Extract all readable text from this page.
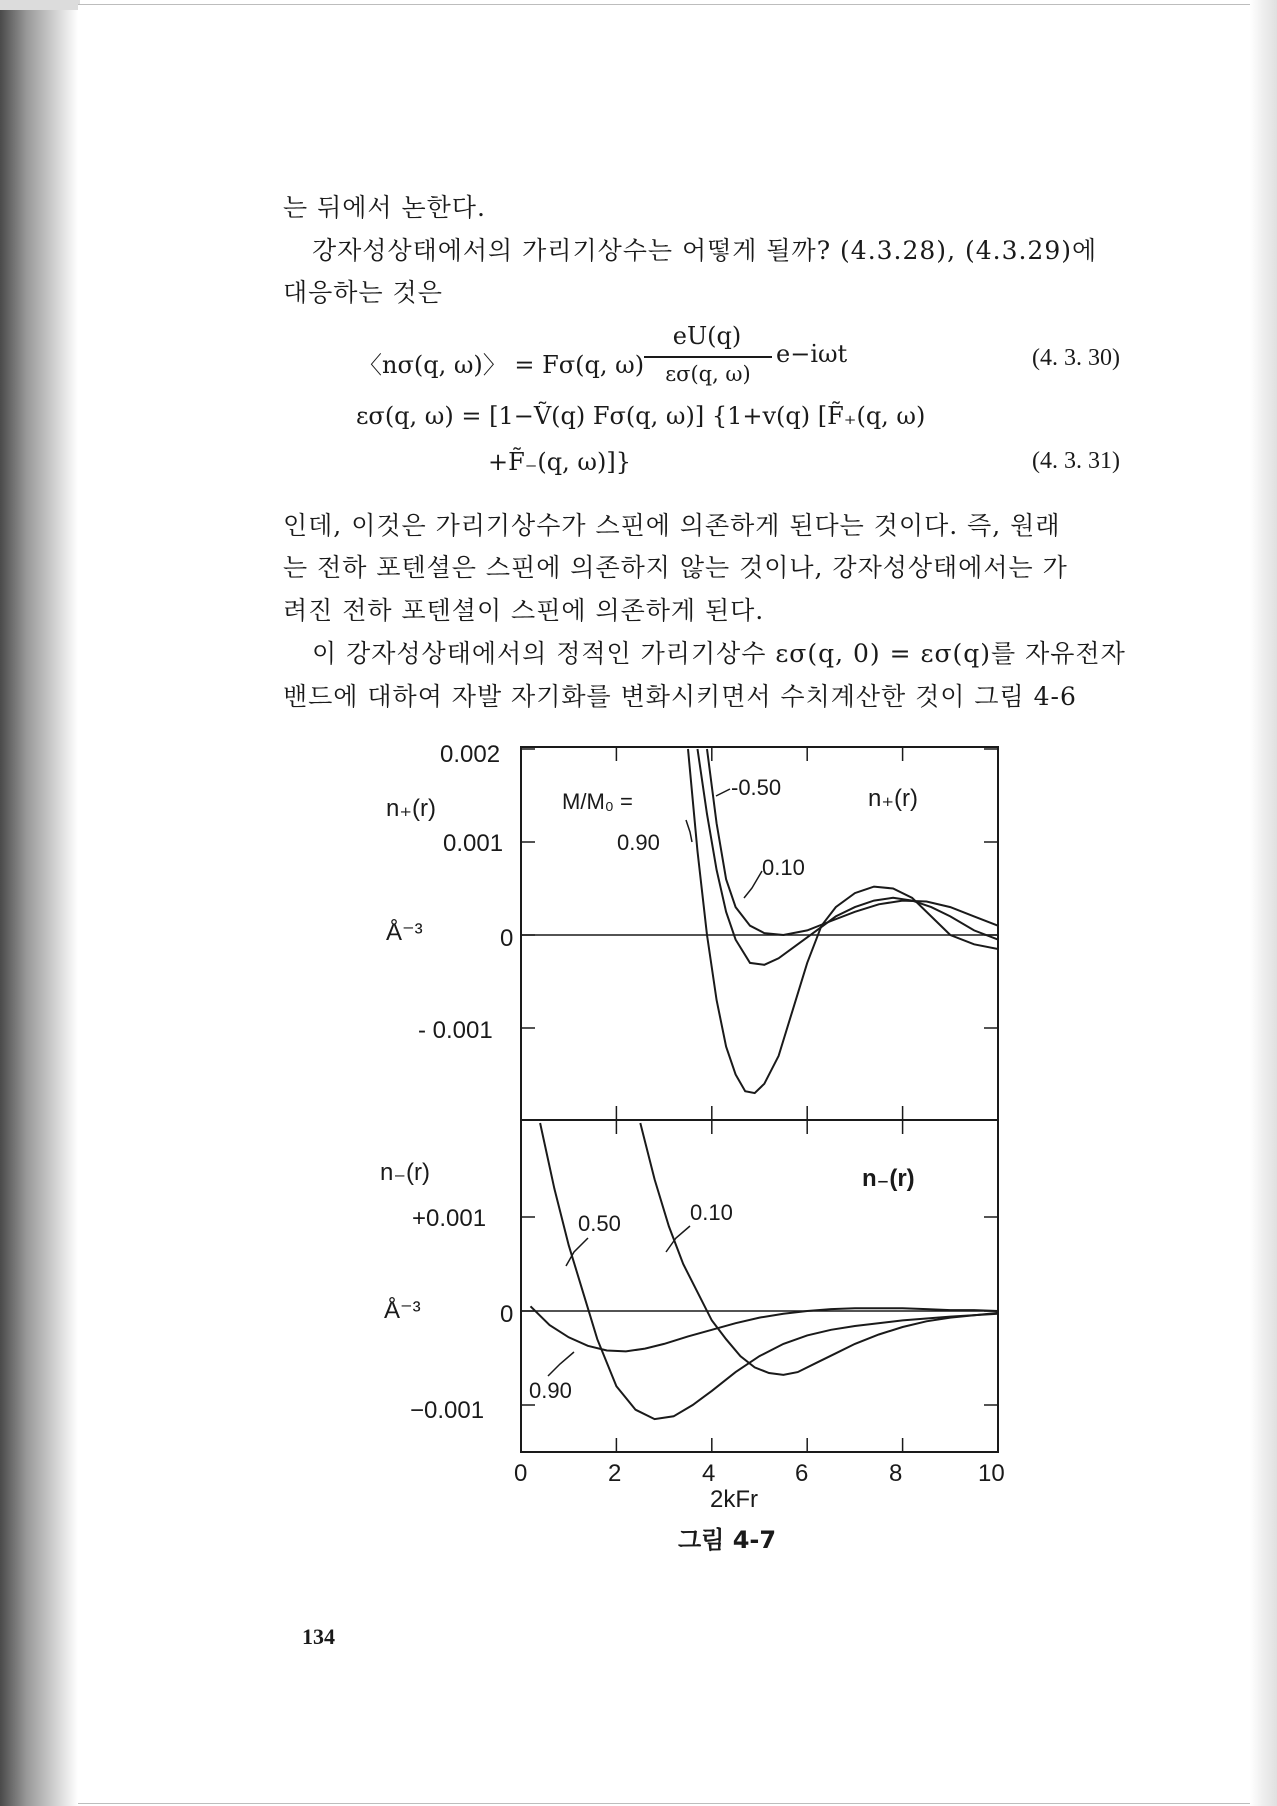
는 뒤에서 논한다.
강자성상태에서의 가리기상수는 어떻게 될까? (4.3.28), (4.3.29)에
대응하는 것은
〈nσ(q, ω)〉 = Fσ(q, ω)
eU(q)
εσ(q, ω)
e−iωt	(4. 3. 30)
εσ(q, ω) = [1−Ṽ(q) Fσ(q, ω)] {1+v(q) [F̃₊(q, ω)
+F̃₋(q, ω)]}	(4. 3. 31)
인데, 이것은 가리기상수가 스핀에 의존하게 된다는 것이다. 즉, 원래
는 전하 포텐셜은 스핀에 의존하지 않는 것이나, 강자성상태에서는 가
려진 전하 포텐셜이 스핀에 의존하게 된다.
이 강자성상태에서의 정적인 가리기상수 εσ(q, 0) = εσ(q)를 자유전자
밴드에 대하여 자발 자기화를 변화시키면서 수치계산한 것이 그림 4-6
0.002
0.001
0
- 0.001
n₊(r)
Å⁻³
M/M₀ =	n₊(r)
0.90
0.10
-0.50
n₋(r)	n₋(r)
+0.001
0
−0.001
Å⁻³
0.50	0.10
0.90
0	2	4	6	8	10
2kFr
그림 4-7
134
